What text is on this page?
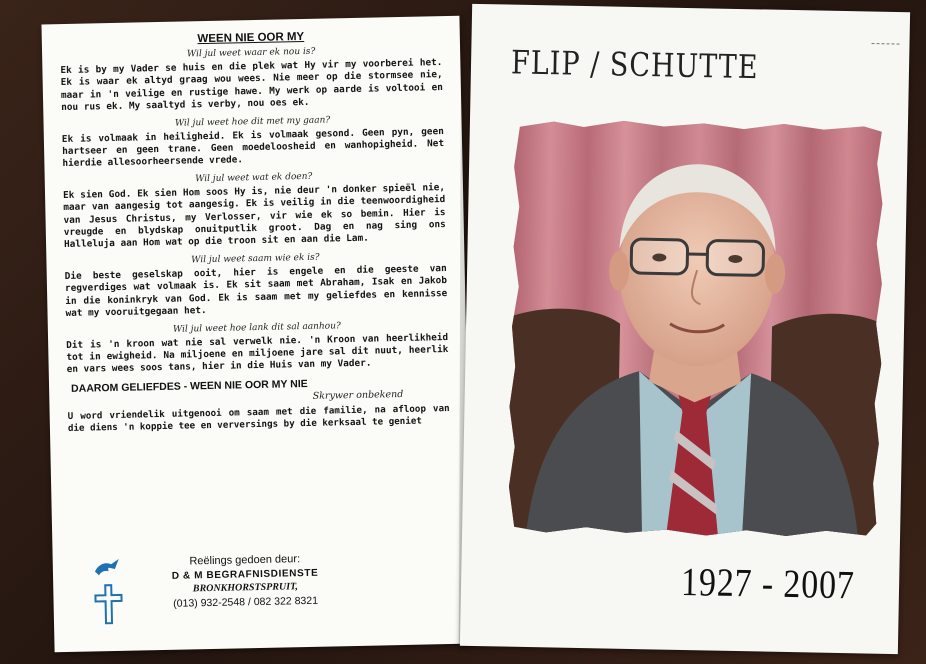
WEEN NIE OOR MY
Wil jul weet waar ek nou is?
Ek is by my Vader se huis en die plek wat Hy vir my voorberei het. Ek is waar ek altyd graag wou wees. Nie meer op die stormsee nie, maar in 'n veilige en rustige hawe. My werk op aarde is voltooi en nou rus ek. My saaltyd is verby, nou oes ek.
Wil jul weet hoe dit met my gaan?
Ek is volmaak in heiligheid. Ek is volmaak gesond. Geen pyn, geen hartseer en geen trane. Geen moedeloosheid en wanhopigheid. Net hierdie allesoorheersende vrede.
Wil jul weet wat ek doen?
Ek sien God. Ek sien Hom soos Hy is, nie deur 'n donker spieël nie, maar van aangesig tot aangesig. Ek is veilig in die teenwoordigheid van Jesus Christus, my Verlosser, vir wie ek so bemin. Hier is vreugde en blydskap onuitputlik groot. Dag en nag sing ons Halleluja aan Hom wat op die troon sit en aan die Lam.
Wil jul weet saam wie ek is?
Die beste geselskap ooit, hier is engele en die geeste van regverdiges wat volmaak is. Ek sit saam met Abraham, Isak en Jakob in die koninkryk van God. Ek is saam met my geliefdes en kennisse wat my vooruitgegaan het.
Wil jul weet hoe lank dit sal aanhou?
Dit is 'n kroon wat nie sal verwelk nie. 'n Kroon van heerlikheid tot in ewigheid. Na miljoene en miljoene jare sal dit nuut, heerlik en vars wees soos tans, hier in die Huis van my Vader.
DAAROM GELIEFDES - WEEN NIE OOR MY NIE
Skrywer onbekend
U word vriendelik uitgenooi om saam met die familie, na afloop van die diens 'n koppie tee en verversings by die kerksaal te geniet
Reëlings gedoen deur:
D & M BEGRAFNISDIENSTE
BRONKHORSTSPRUIT,
(013) 932-2548 / 082 322 8321
FLIP / SCHUTTE
1927 - 2007
